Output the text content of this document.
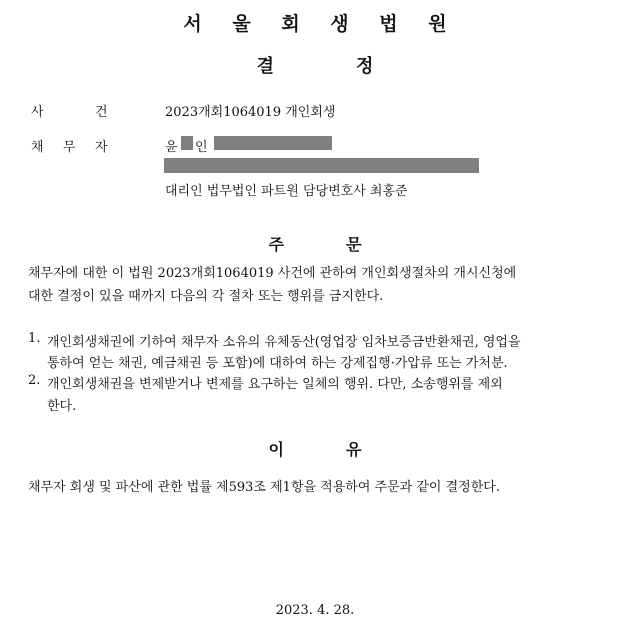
서 울 회 생 법 원
결	정
사	건	2023개회1064019 개인회생
채 무 자	윤 인
대리인 법무법인 파트원 담당변호사 최홍준
주	문
채무자에 대한 이 법원 2023개회1064019 사건에 관하여 개인회생절차의 개시신청에
대한 결정이 있을 때까지 다음의 각 절차 또는 행위를 금지한다.
1. 개인회생채권에 기하여 채무자 소유의 유체동산(영업장 임차보증금반환채권, 영업을
통하여 얻는 채권, 예금채권 등 포함)에 대하여 하는 강제집행·가압류 또는 가처분.
2. 개인회생채권을 변제받거나 변제를 요구하는 일체의 행위. 다만, 소송행위를 제외
한다.
이	유
채무자 회생 및 파산에 관한 법률 제593조 제1항을 적용하여 주문과 같이 결정한다.
2023. 4. 28.
